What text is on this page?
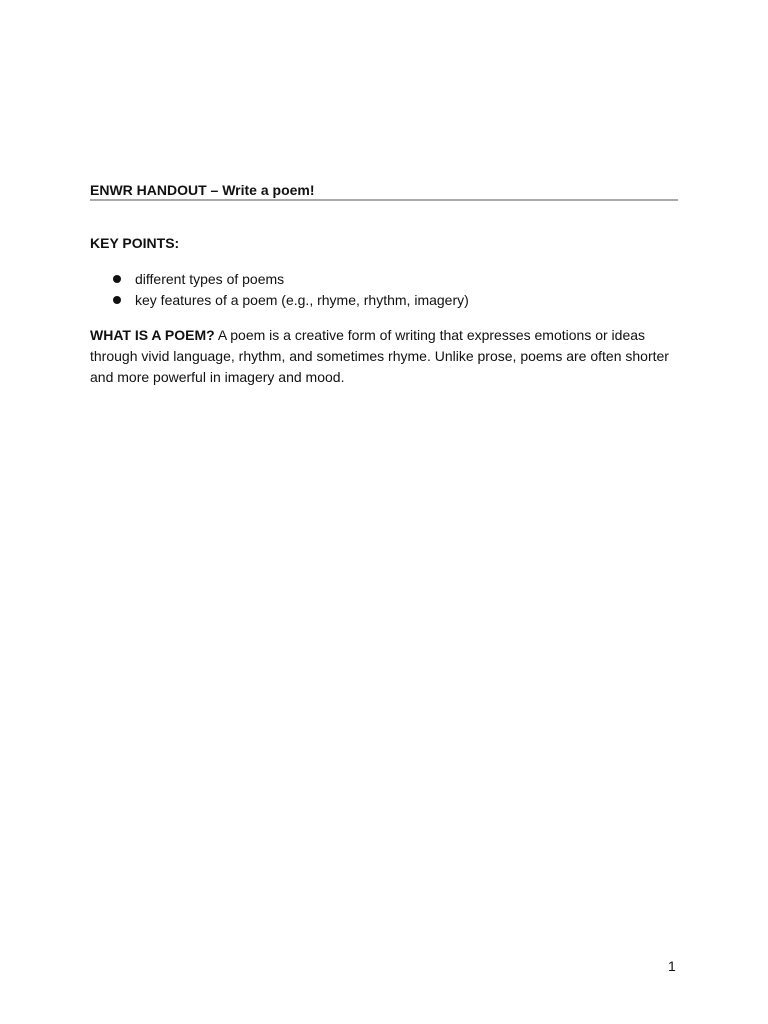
ENWR HANDOUT – Write a poem!
KEY POINTS:
different types of poems
key features of a poem (e.g., rhyme, rhythm, imagery)

WHAT IS A POEM? A poem is a creative form of writing that expresses emotions or ideas through vivid language, rhythm, and sometimes rhyme. Unlike prose, poems are often shorter and more powerful in imagery and mood.

1
